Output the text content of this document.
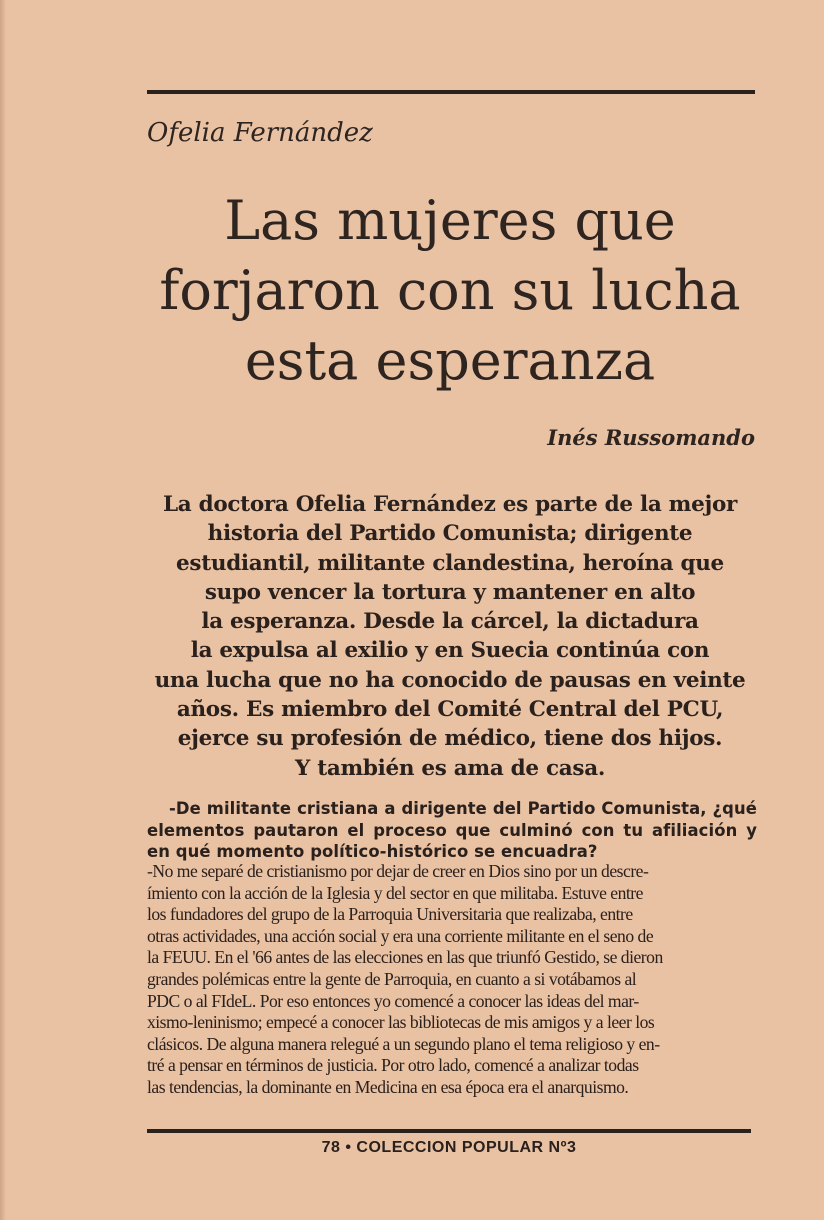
Ofelia Fernández
Las mujeres que
forjaron con su lucha
esta esperanza
Inés Russomando
La doctora Ofelia Fernández es parte de la mejor
historia del Partido Comunista; dirigente
estudiantil, militante clandestina, heroína que
supo vencer la tortura y mantener en alto
la esperanza. Desde la cárcel, la dictadura
la expulsa al exilio y en Suecia continúa con
una lucha que no ha conocido de pausas en veinte
años. Es miembro del Comité Central del PCU,
ejerce su profesión de médico, tiene dos hijos.
Y también es ama de casa.
-De militante cristiana a dirigente del Partido Comunista, ¿qué elementos pautaron el proceso que culminó con tu afiliación y en qué momento político-histórico se encuadra?
-No me separé de cristianismo por dejar de creer en Dios sino por un descre-
ímiento con la acción de la Iglesia y del sector en que militaba. Estuve entre
los fundadores del grupo de la Parroquia Universitaria que realizaba, entre
otras actividades, una acción social y era una corriente militante en el seno de
la FEUU. En el '66 antes de las elecciones en las que triunfó Gestido, se dieron
grandes polémicas entre la gente de Parroquia, en cuanto a si votábamos al
PDC o al FIdeL. Por eso entonces yo comencé a conocer las ideas del mar-
xismo-leninismo; empecé a conocer las bibliotecas de mis amigos y a leer los
clásicos. De alguna manera relegué a un segundo plano el tema religioso y en-
tré a pensar en términos de justicia. Por otro lado, comencé a analizar todas
las tendencias, la dominante en Medicina en esa época era el anarquismo.
78 • COLECCION POPULAR Nº3
